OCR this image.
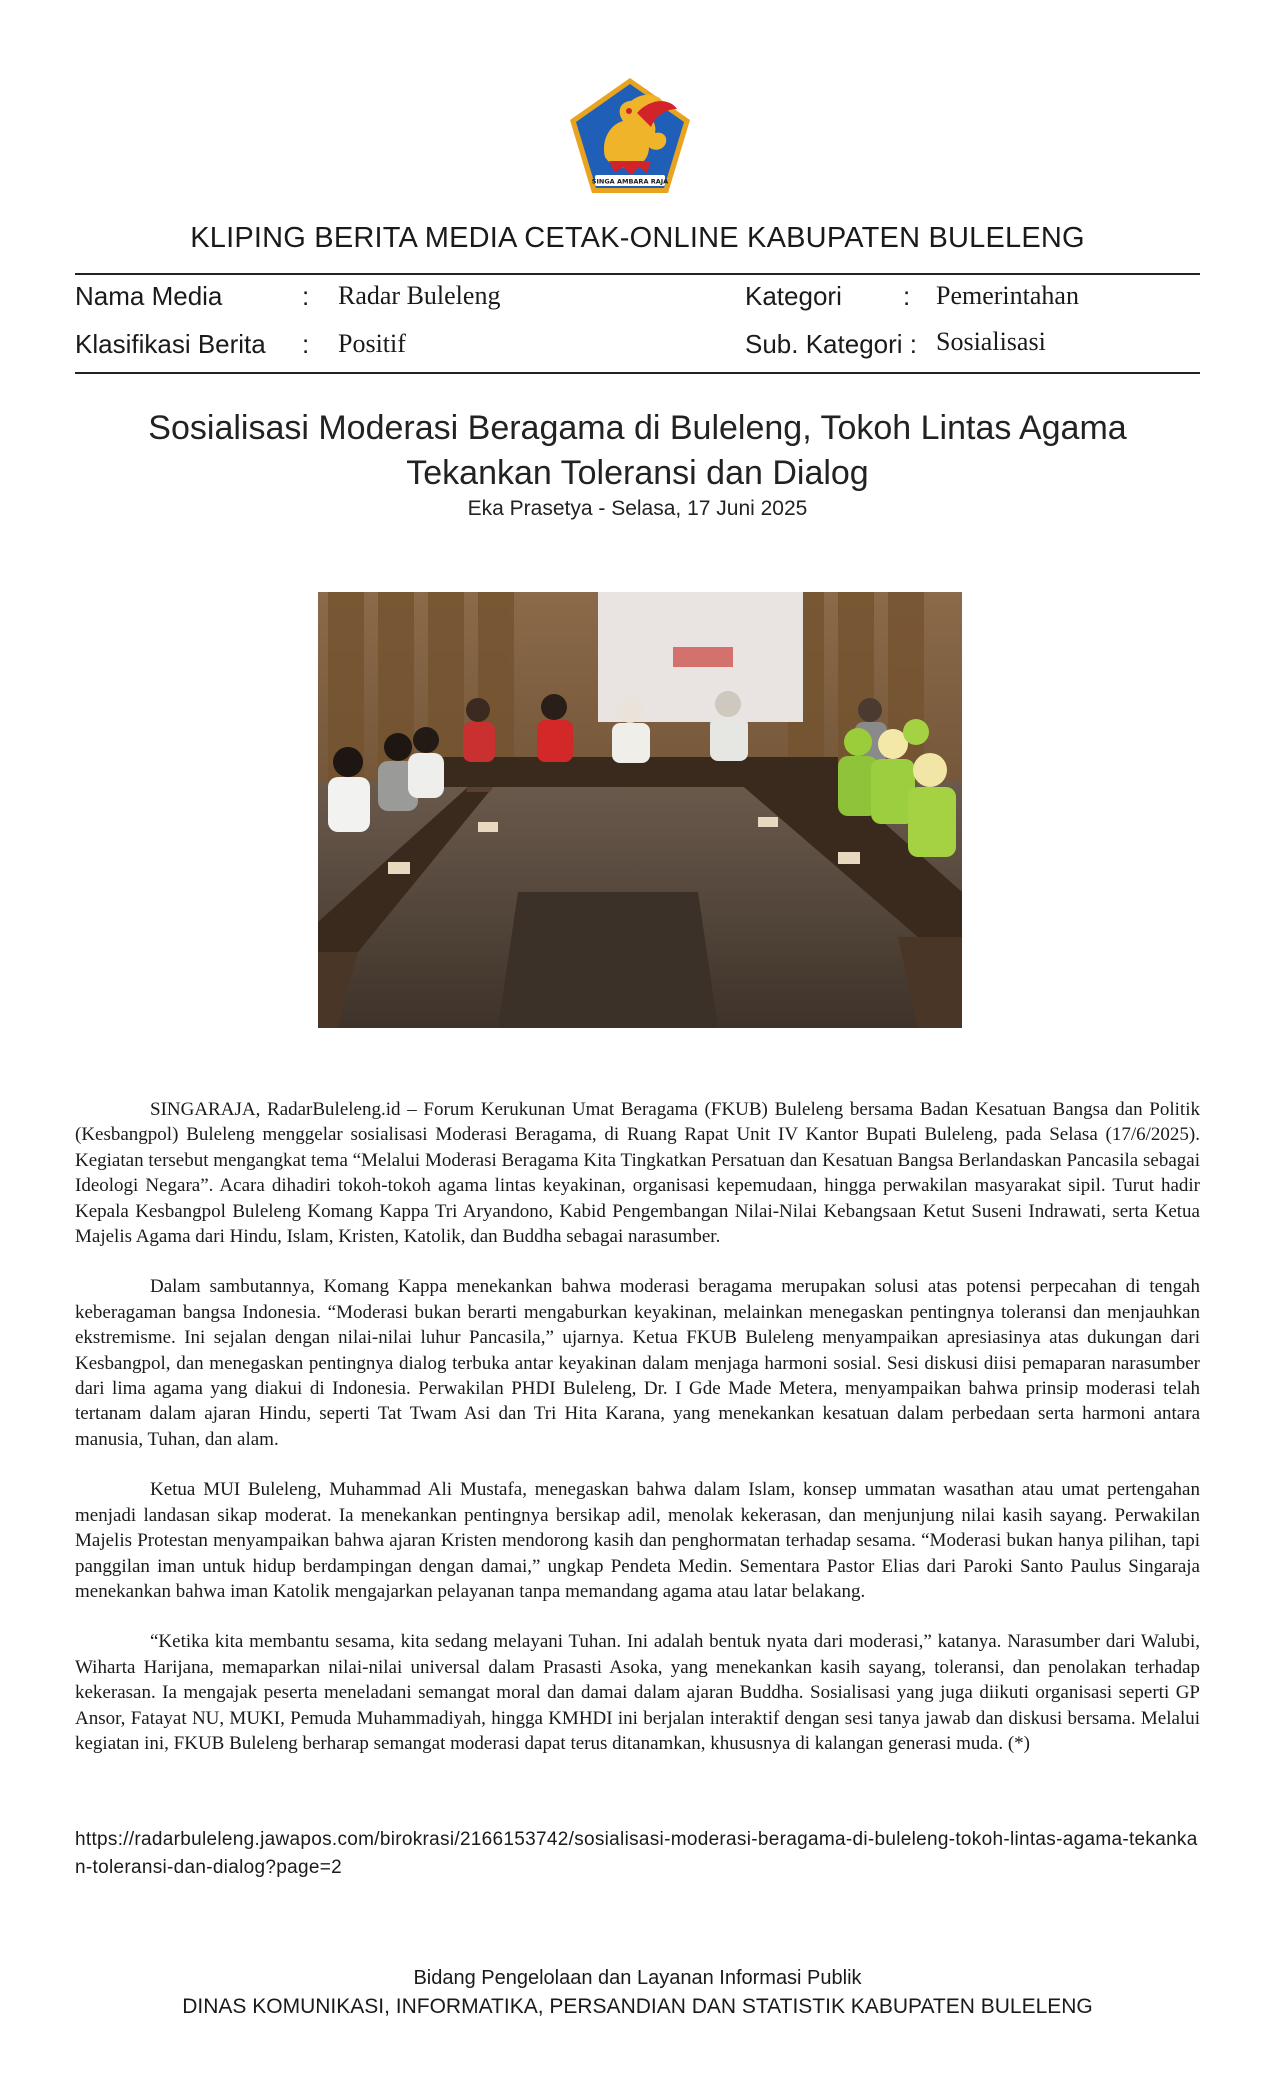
SINGA AMBARA RAJA
KLIPING BERITA MEDIA CETAK-ONLINE KABUPATEN BULELENG
Nama Media	: Radar Buleleng	Kategori : Pemerintahan
Klasifikasi Berita : Positif	Sub. Kategori : Sosialisasi
Sosialisasi Moderasi Beragama di Buleleng, Tokoh Lintas Agama Tekankan Toleransi dan Dialog
Eka Prasetya - Selasa, 17 Juni 2025

SINGARAJA, RadarBuleleng.id – Forum Kerukunan Umat Beragama (FKUB) Buleleng bersama Badan Kesatuan Bangsa dan Politik (Kesbangpol) Buleleng menggelar sosialisasi Moderasi Beragama, di Ruang Rapat Unit IV Kantor Bupati Buleleng, pada Selasa (17/6/2025). Kegiatan tersebut mengangkat tema “Melalui Moderasi Beragama Kita Tingkatkan Persatuan dan Kesatuan Bangsa Berlandaskan Pancasila sebagai Ideologi Negara”. Acara dihadiri tokoh-tokoh agama lintas keyakinan, organisasi kepemudaan, hingga perwakilan masyarakat sipil. Turut hadir Kepala Kesbangpol Buleleng Komang Kappa Tri Aryandono, Kabid Pengembangan Nilai-Nilai Kebangsaan Ketut Suseni Indrawati, serta Ketua Majelis Agama dari Hindu, Islam, Kristen, Katolik, dan Buddha sebagai narasumber.

Dalam sambutannya, Komang Kappa menekankan bahwa moderasi beragama merupakan solusi atas potensi perpecahan di tengah keberagaman bangsa Indonesia. “Moderasi bukan berarti mengaburkan keyakinan, melainkan menegaskan pentingnya toleransi dan menjauhkan ekstremisme. Ini sejalan dengan nilai-nilai luhur Pancasila,” ujarnya. Ketua FKUB Buleleng menyampaikan apresiasinya atas dukungan dari Kesbangpol, dan menegaskan pentingnya dialog terbuka antar keyakinan dalam menjaga harmoni sosial. Sesi diskusi diisi pemaparan narasumber dari lima agama yang diakui di Indonesia. Perwakilan PHDI Buleleng, Dr. I Gde Made Metera, menyampaikan bahwa prinsip moderasi telah tertanam dalam ajaran Hindu, seperti Tat Twam Asi dan Tri Hita Karana, yang menekankan kesatuan dalam perbedaan serta harmoni antara manusia, Tuhan, dan alam.

Ketua MUI Buleleng, Muhammad Ali Mustafa, menegaskan bahwa dalam Islam, konsep ummatan wasathan atau umat pertengahan menjadi landasan sikap moderat. Ia menekankan pentingnya bersikap adil, menolak kekerasan, dan menjunjung nilai kasih sayang. Perwakilan Majelis Protestan menyampaikan bahwa ajaran Kristen mendorong kasih dan penghormatan terhadap sesama. “Moderasi bukan hanya pilihan, tapi panggilan iman untuk hidup berdampingan dengan damai,” ungkap Pendeta Medin. Sementara Pastor Elias dari Paroki Santo Paulus Singaraja menekankan bahwa iman Katolik mengajarkan pelayanan tanpa memandang agama atau latar belakang.

“Ketika kita membantu sesama, kita sedang melayani Tuhan. Ini adalah bentuk nyata dari moderasi,” katanya. Narasumber dari Walubi, Wiharta Harijana, memaparkan nilai-nilai universal dalam Prasasti Asoka, yang menekankan kasih sayang, toleransi, dan penolakan terhadap kekerasan. Ia mengajak peserta meneladani semangat moral dan damai dalam ajaran Buddha. Sosialisasi yang juga diikuti organisasi seperti GP Ansor, Fatayat NU, MUKI, Pemuda Muhammadiyah, hingga KMHDI ini berjalan interaktif dengan sesi tanya jawab dan diskusi bersama. Melalui kegiatan ini, FKUB Buleleng berharap semangat moderasi dapat terus ditanamkan, khususnya di kalangan generasi muda. (*)

https://radarbuleleng.jawapos.com/birokrasi/2166153742/sosialisasi-moderasi-beragama-di-buleleng-tokoh-lintas-agama-tekankan-toleransi-dan-dialog?page=2
Bidang Pengelolaan dan Layanan Informasi Publik
DINAS KOMUNIKASI, INFORMATIKA, PERSANDIAN DAN STATISTIK KABUPATEN BULELENG
